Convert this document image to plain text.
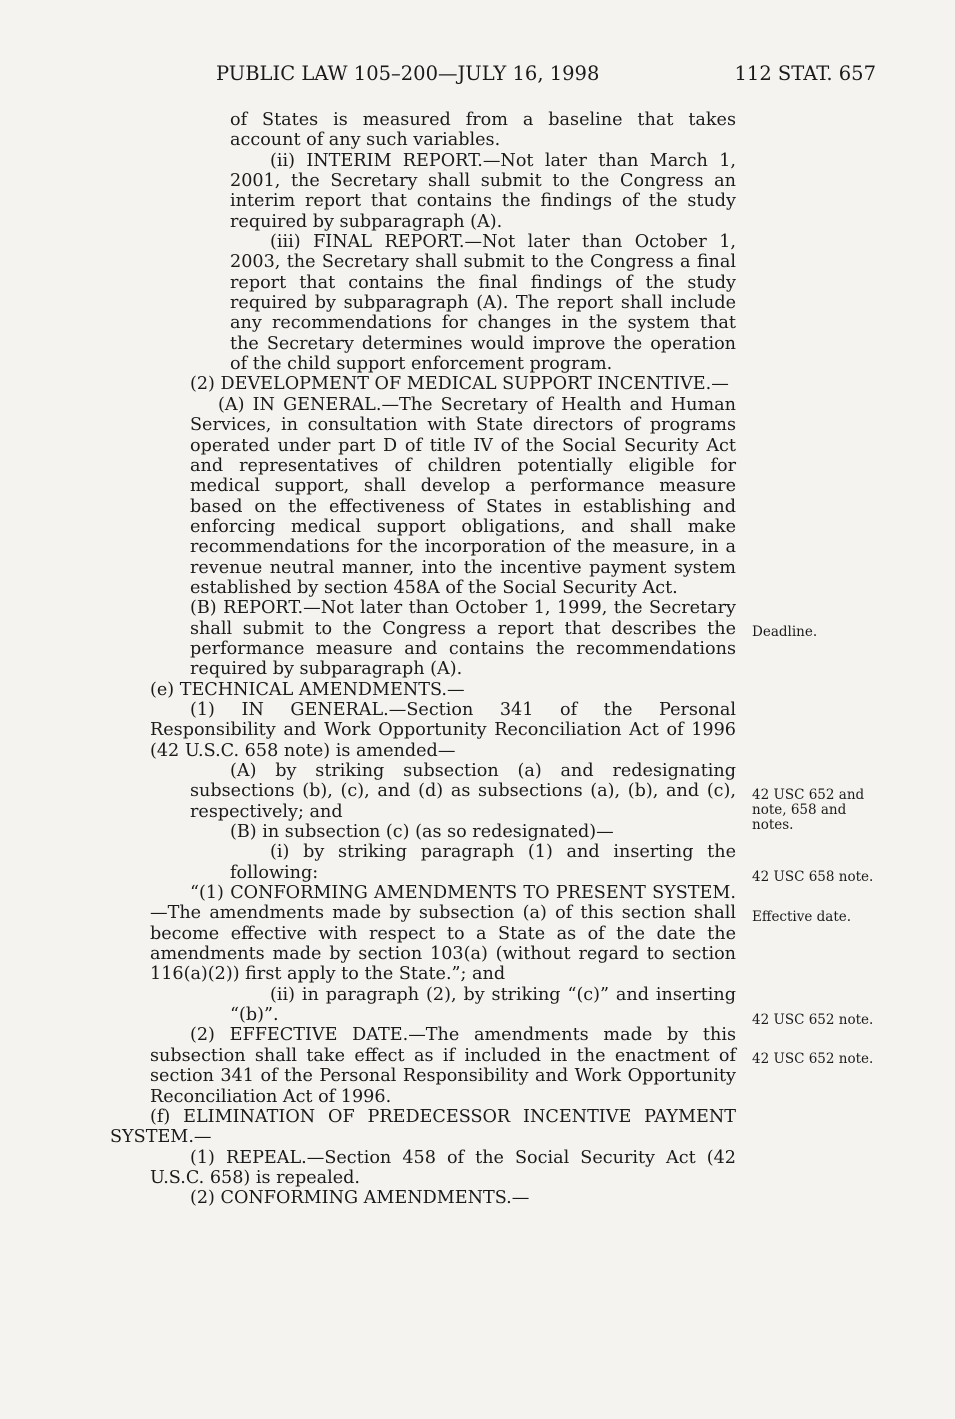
PUBLIC LAW 105–200—JULY 16, 1998	112 STAT. 657

of States is measured from a baseline that takes account of any such variables.

(ii) INTERIM REPORT.—Not later than March 1, 2001, the Secretary shall submit to the Congress an interim report that contains the findings of the study required by subparagraph (A).

(iii) FINAL REPORT.—Not later than October 1, 2003, the Secretary shall submit to the Congress a final report that contains the final findings of the study required by subparagraph (A). The report shall include any recommendations for changes in the system that the Secretary determines would improve the operation of the child support enforcement program.

(2) DEVELOPMENT OF MEDICAL SUPPORT INCENTIVE.—

(A) IN GENERAL.—The Secretary of Health and Human Services, in consultation with State directors of programs operated under part D of title IV of the Social Security Act and representatives of children potentially eligible for medical support, shall develop a performance measure based on the effectiveness of States in establishing and enforcing medical support obligations, and shall make recommendations for the incorporation of the measure, in a revenue neutral manner, into the incentive payment system established by section 458A of the Social Security Act.

(B) REPORT.—Not later than October 1, 1999, the Secretary shall submit to the Congress a report that describes the performance measure and contains the recommendations required by subparagraph (A).

(e) TECHNICAL AMENDMENTS.—

(1) IN GENERAL.—Section 341 of the Personal Responsibility and Work Opportunity Reconciliation Act of 1996 (42 U.S.C. 658 note) is amended—

(A) by striking subsection (a) and redesignating subsections (b), (c), and (d) as subsections (a), (b), and (c), respectively; and

(B) in subsection (c) (as so redesignated)—

(i) by striking paragraph (1) and inserting the following:

“(1) CONFORMING AMENDMENTS TO PRESENT SYSTEM.—The amendments made by subsection (a) of this section shall become effective with respect to a State as of the date the amendments made by section 103(a) (without regard to section 116(a)(2)) first apply to the State.”; and

(ii) in paragraph (2), by striking “(c)” and inserting “(b)”.

(2) EFFECTIVE DATE.—The amendments made by this subsection shall take effect as if included in the enactment of section 341 of the Personal Responsibility and Work Opportunity Reconciliation Act of 1996.

(f) ELIMINATION OF PREDECESSOR INCENTIVE PAYMENT SYSTEM.—

(1) REPEAL.—Section 458 of the Social Security Act (42 U.S.C. 658) is repealed.

(2) CONFORMING AMENDMENTS.—

Deadline.
42 USC 652 and note, 658 and notes.
42 USC 658 note.
Effective date.
42 USC 652 note.
42 USC 652 note.
